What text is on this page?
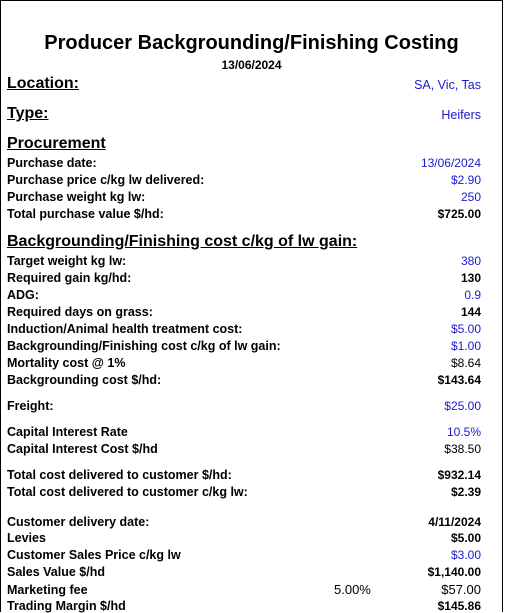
Producer Backgrounding/Finishing Costing
13/06/2024
Location:	SA, Vic, Tas
Type:	Heifers
Procurement
Purchase date:	13/06/2024
Purchase price c/kg lw delivered:	$2.90
Purchase weight kg lw:	250
Total purchase value $/hd:	$725.00
Backgrounding/Finishing cost c/kg of lw gain:
Target weight kg lw:	380
Required gain kg/hd:	130
ADG:	0.9
Required days on grass:	144
Induction/Animal health treatment cost:	$5.00
Backgrounding/Finishing cost c/kg of lw gain:	$1.00
Mortality cost @ 1%	$8.64
Backgrounding cost $/hd:	$143.64
Freight:	$25.00
Capital Interest Rate	10.5%
Capital Interest Cost $/hd	$38.50
Total cost delivered to customer $/hd:	$932.14
Total cost delivered to customer c/kg lw:	$2.39
Customer delivery date:	4/11/2024
Levies	$5.00
Customer Sales Price c/kg lw	$3.00
Sales Value $/hd	$1,140.00
Marketing fee	5.00%	$57.00
Trading Margin $/hd	$145.86
